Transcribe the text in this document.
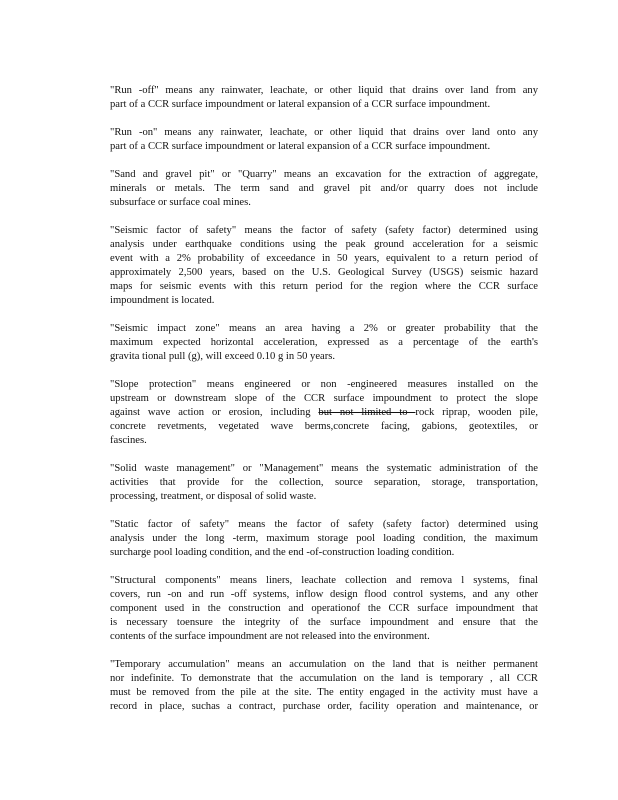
"Run -off" means any rainwater, leachate, or other liquid that drains over land from any
part of a CCR surface impoundment or lateral expansion of a CCR surface impoundment.
"Run -on" means any rainwater, leachate, or other liquid that drains over land onto any
part of a CCR surface impoundment or lateral expansion of a CCR surface impoundment.
"Sand and gravel pit" or "Quarry" means an excavation for the extraction of aggregate,
minerals or metals. The term sand and gravel pit and/or quarry does not include
subsurface or surface coal mines.
"Seismic factor of safety" means the factor of safety (safety factor) determined using
analysis under earthquake conditions using the peak ground acceleration for a seismic
event with a 2% probability of exceedance in 50 years, equivalent to a return period of
approximately 2,500 years, based on the U.S. Geological Survey (USGS) seismic hazard
maps for seismic events with this return period for the region where the CCR surface
impoundment is located.
"Seismic impact zone" means an area having a 2% or greater probability that the
maximum expected horizontal acceleration, expressed as a percentage of the earth's
gravita tional pull (g), will exceed 0.10 g in 50 years.
"Slope protection" means engineered or non -engineered measures installed on the
upstream or downstream slope of the CCR surface impoundment to protect the slope
against wave action or erosion, including but not limited to rock riprap, wooden pile,
concrete revetments, vegetated wave berms,concrete facing, gabions, geotextiles, or
fascines.
"Solid waste management" or "Management" means the systematic administration of the
activities that provide for the collection, source separation, storage, transportation,
processing, treatment, or disposal of solid waste.
"Static factor of safety" means the factor of safety (safety factor) determined using
analysis under the long -term, maximum storage pool loading condition, the maximum
surcharge pool loading condition, and the end -of-construction loading condition.
"Structural components" means liners, leachate collection and remova l systems, final
covers, run -on and run -off systems, inflow design flood control systems, and any other
component used in the construction and operationof the CCR surface impoundment that
is necessary toensure the integrity of the surface impoundment and ensure that the
contents of the surface impoundment are not released into the environment.
"Temporary accumulation" means an accumulation on the land that is neither permanent
nor indefinite. To demonstrate that the accumulation on the land is temporary , all CCR
must be removed from the pile at the site. The entity engaged in the activity must have a
record in place, suchas a contract, purchase order, facility operation and maintenance, or
